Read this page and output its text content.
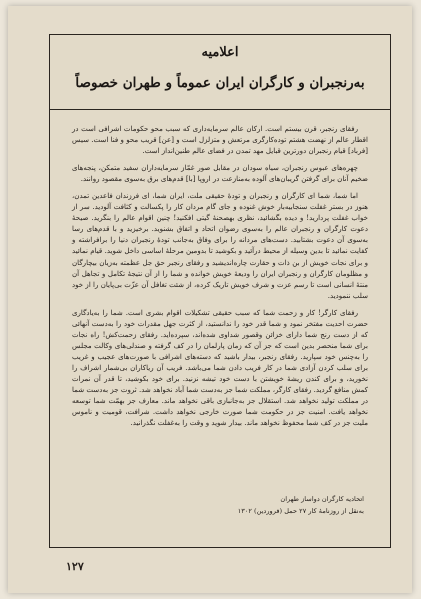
اعلامیه
به‌رنجبران و کارگران ایران عموماً و طهران خصوصاً

رفقای رنجبر، قرن بیستم است. ارکان عالم سرمایه‌داری که سبب محو حکومات اشرافی است در اقطار عالم از نهضت هشتم توده‌کارگری مرتعش و متزلزل است و [عن] قریب محو و فنا است. سیس [فرباد] قیام رنجبران دورترین قبایل مهد تمدن در فضای عالم طنین‌انداز است.

چهره‌های عبوس رنجبران، سیاه سودان در مقابل صور غمّاز سرمایه‌داران سفید متمکن، پنجه‌های ضخیم آنان برای گرفتن گریبان‌های آلوده به‌منازعت در اروپا [با] قدم‌های برق به‌سوی مقصود روانند.

اما شما، شما ای کارگران و رنجبران و تودهٔ حقیقی ملت، ایران شما، ای فرزندان فاعدین تمدن، هنوز در بستر غفلت سنجابیه‌بار خوش غنوده و جای گام مردان کار را پکسالت و کثافت آلودید. سر از خواب غفلت پردارید! و دیده بگشائید، نظری بهصحنهٔ گیتی افکنید! چنین اقوام عالم را بنگرید. صیحهٔ دعوت کارگران و رنجبران عالم را به‌سوی رضوان اتحاد و اتفاق بشنوید. برخیزید و با قدم‌های رسا به‌سوی آن دعوت بشتابید. دست‌های مردانه را برای وفاق به‌جانب تودهٔ رنجبران دنیا را برافراشته و کفایت نمائید تا بدین وسیله از محیط درآئید و بکوشید تا بدومین مرحلهٔ اساسی داخل شوید. قیام نمائید و برای نجات خویش از بن ذات و حقارت چاره‌اندیشید و رفقای رنجبر حق جل عظمته به‌زیان بیچارگان و مظلومان کارگران و رنجبران ایران را ودیعهٔ خویش خوانده و شما را از آن نتیجهٔ تکامل و تجاهل آن منتهٔ انسانی است تا رسم عزت و شرف خویش تاریک کرده، از شئت تغافل آن عزّت بی‌پایان را از خود سلب ننمودید.

رفقای کارگر! کار و زحمت شما که سبب حقیقی تشکیلات اقوام بشری است. شما را به‌یادگاری حضرت احدیت مفتخر نمود و شما قدر خود را ندانستید، از کثرت جهل مقدرات خود را به‌دست آنهائی که از دست رنج شما دارای خزائن وقصور شداوی شده‌اند، سپرده‌اید. رفقای زحمت‌کش! راه نجات برای شما منحصر بدین است که جز آن که زمان پارلمان را در کف گرفته و صندلی‌های وکالت مجلس را به‌چنس خود سپارید. رفقای رنجبر، بیدار باشید که دسته‌های اشرافی با صورت‌های عجیب و غریب برای سلب کردن آزادی شما در کار فریب دادن شما می‌باشد. فریب آن ریاکاران بی‌شمار اشراف را نخورید، و برای کندن ریشهٔ خویشتن با دست خود تیشه نزنید. برای خود بکوشید، تا قدر آن نمرات کمش منافع گردید. رفقای کارگر، مملکت شما جز به‌دست شما آباد نخواهد شد. ثروت جز به‌دست شما در مملکت تولید نخواهد شد. استقلال جز به‌جانبازی باقی نخواهد ماند. معارف جز بهمّت شما توسعه نخواهد یافت. امنیت جز در حکومت شما صورت خارجی نخواهد داشت. شرافت، قومیت و ناموس ملیت جز در کف شما محفوظ نخواهد ماند. بیدار شوید و وقت را به‌غفلت نگذرانید.

اتحادیه کارگران دواساز طهران
به‌نقل از روزنامهٔ کار ۲۷ حمل (فروردین) ۱۳۰۲
۱۲۷
